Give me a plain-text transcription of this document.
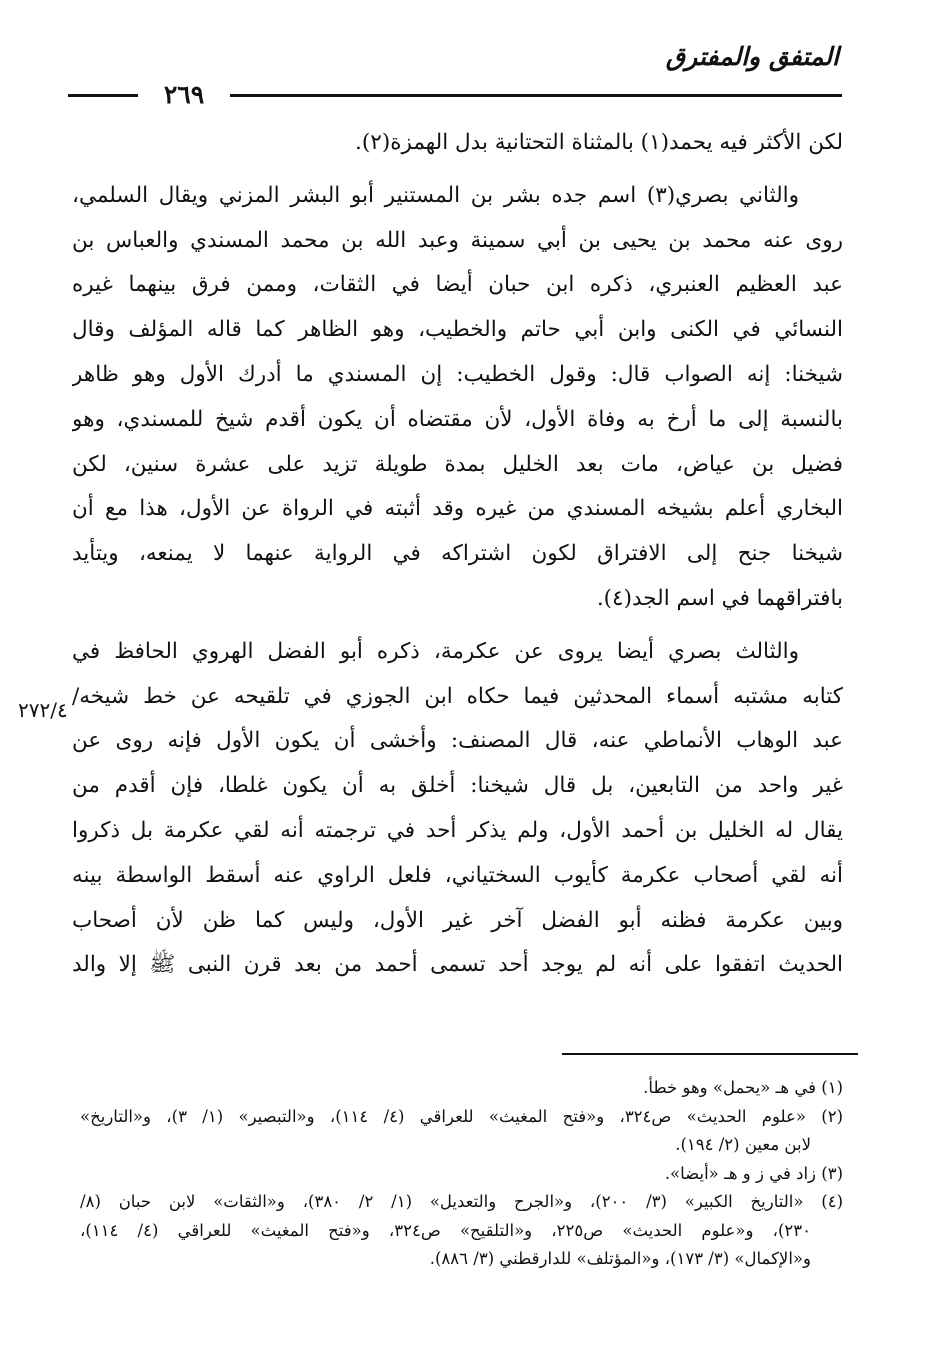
المتفق والمفترق
٢٦٩
٢٧٢/٤
لكن الأكثر فيه يحمد(١) بالمثناة التحتانية بدل الهمزة(٢).
والثاني بصري(٣) اسم جده بشر بن المستنير أبو البشر المزني ويقال السلمي،
روى عنه محمد بن يحيى بن أبي سمينة وعبد الله بن محمد المسندي والعباس بن
عبد العظيم العنبري، ذكره ابن حبان أيضا في الثقات، وممن فرق بينهما غيره
النسائي في الكنى وابن أبي حاتم والخطيب، وهو الظاهر كما قاله المؤلف وقال
شيخنا: إنه الصواب قال: وقول الخطيب: إن المسندي ما أدرك الأول وهو ظاهر
بالنسبة إلى ما أرخ به وفاة الأول، لأن مقتضاه أن يكون أقدم شيخ للمسندي، وهو
فضيل بن عياض، مات بعد الخليل بمدة طويلة تزيد على عشرة سنين، لكن
البخاري أعلم بشيخه المسندي من غيره وقد أثبته في الرواة عن الأول، هذا مع أن
شيخنا جنح إلى الافتراق لكون اشتراكه في الرواية عنهما لا يمنعه، ويتأيد
بافتراقهما في اسم الجد(٤).
والثالث بصري أيضا يروى عن عكرمة، ذكره أبو الفضل الهروي الحافظ في
كتابه مشتبه أسماء المحدثين فيما حكاه ابن الجوزي في تلقيحه عن خط شيخه/
عبد الوهاب الأنماطي عنه، قال المصنف: وأخشى أن يكون الأول فإنه روى عن
غير واحد من التابعين، بل قال شيخنا: أخلق به أن يكون غلطا، فإن أقدم من
يقال له الخليل بن أحمد الأول، ولم يذكر أحد في ترجمته أنه لقي عكرمة بل ذكروا
أنه لقي أصحاب عكرمة كأيوب السختياني، فلعل الراوي عنه أسقط الواسطة بينه
وبين عكرمة فظنه أبو الفضل آخر غير الأول، وليس كما ظن لأن أصحاب
الحديث اتفقوا على أنه لم يوجد أحد تسمى أحمد من بعد قرن النبى ﷺ إلا والد
(١) في هـ «يحمل» وهو خطأ.
(٢) «علوم الحديث» ص٣٢٤، و«فتح المغيث» للعراقي (٤/ ١١٤)، و«التبصير» (١/ ٣)، و«التاريخ»
لابن معين (٢/ ١٩٤).
(٣) زاد في ز و هـ «أيضا».
(٤) «التاريخ الكبير» (٣/ ٢٠٠)، و«الجرح والتعديل» (١/ ٢/ ٣٨٠)، و«الثقات» لابن حبان (٨/
٢٣٠)، و«علوم الحديث» ص٢٢٥، و«التلقيح» ص٣٢٤، و«فتح المغيث» للعراقي (٤/ ١١٤)،
و«الإكمال» (٣/ ١٧٣)، و«المؤتلف» للدارقطني (٣/ ٨٨٦).
